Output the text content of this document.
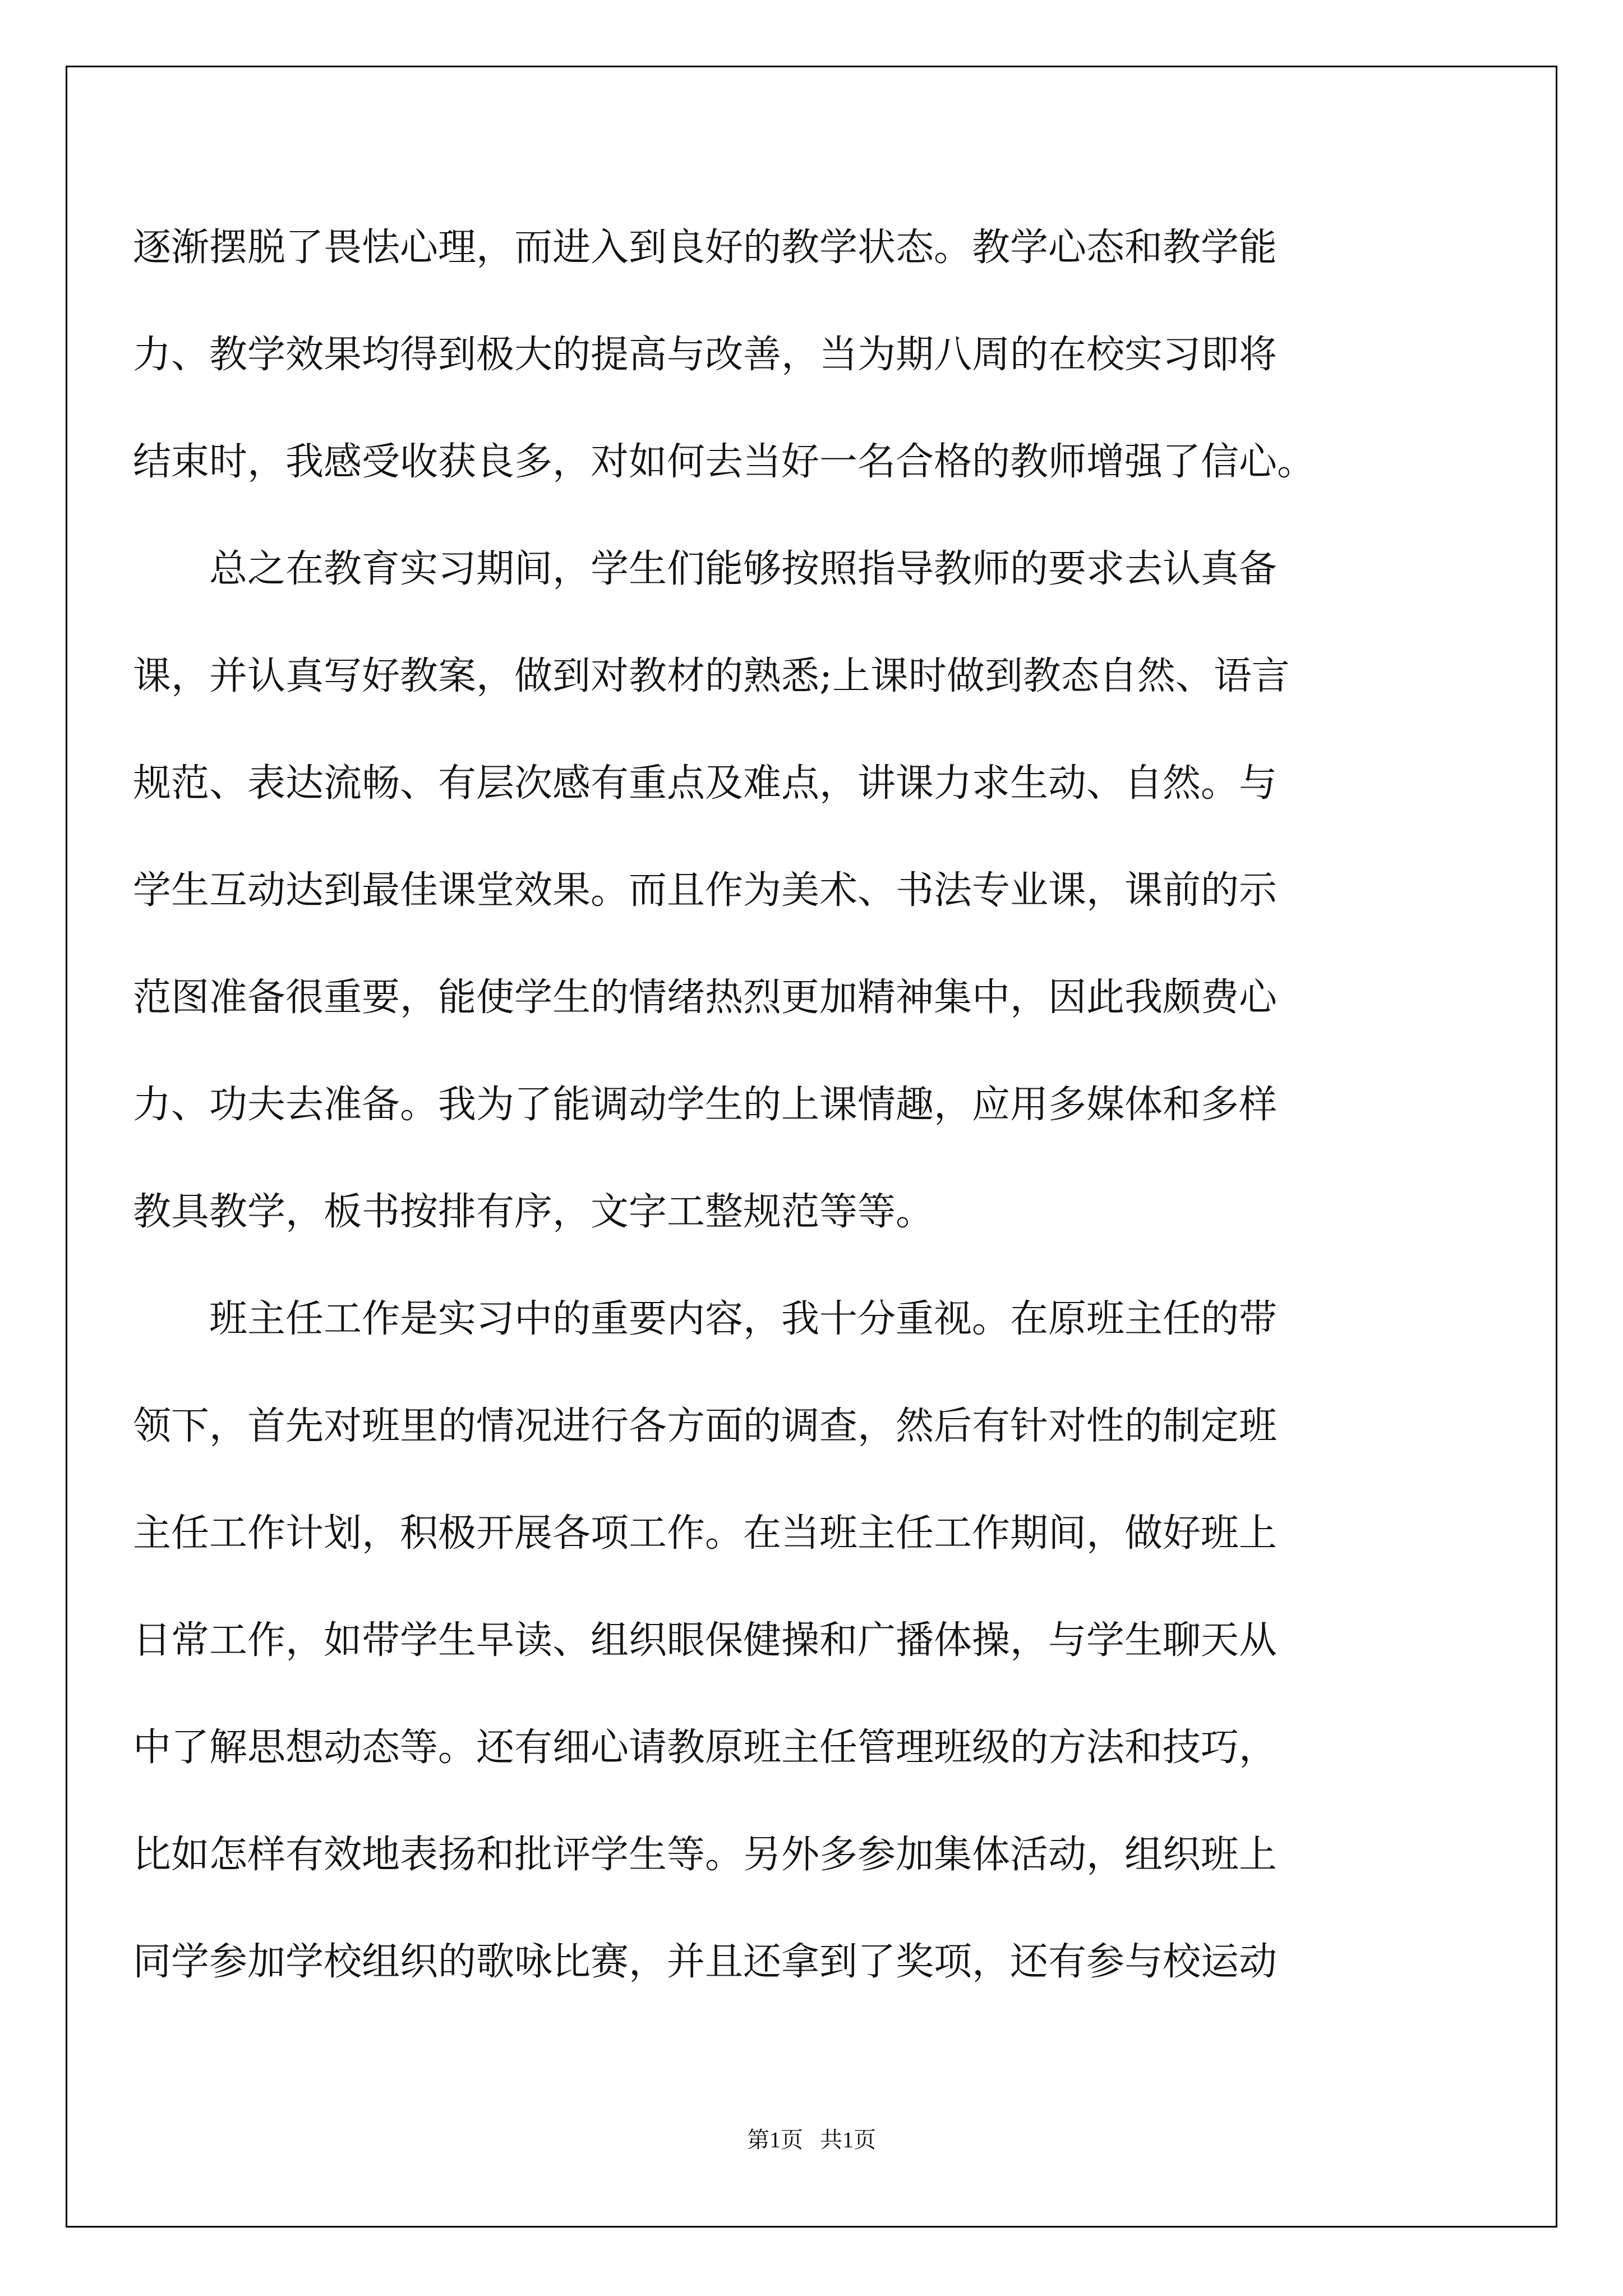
逐渐摆脱了畏怯心理，而进入到良好的教学状态。教学心态和教学能

力、教学效果均得到极大的提高与改善，当为期八周的在校实习即将

结束时，我感受收获良多，对如何去当好一名合格的教师增强了信心。

　　总之在教育实习期间，学生们能够按照指导教师的要求去认真备

课，并认真写好教案，做到对教材的熟悉;上课时做到教态自然、语言

规范、表达流畅、有层次感有重点及难点，讲课力求生动、自然。与

学生互动达到最佳课堂效果。而且作为美术、书法专业课，课前的示

范图准备很重要，能使学生的情绪热烈更加精神集中，因此我颇费心

力、功夫去准备。我为了能调动学生的上课情趣，应用多媒体和多样

教具教学，板书按排有序，文字工整规范等等。

　　班主任工作是实习中的重要内容，我十分重视。在原班主任的带

领下，首先对班里的情况进行各方面的调查，然后有针对性的制定班

主任工作计划，积极开展各项工作。在当班主任工作期间，做好班上

日常工作，如带学生早读、组织眼保健操和广播体操，与学生聊天从

中了解思想动态等。还有细心请教原班主任管理班级的方法和技巧，

比如怎样有效地表扬和批评学生等。另外多参加集体活动，组织班上

同学参加学校组织的歌咏比赛，并且还拿到了奖项，还有参与校运动

第1页 共1页
